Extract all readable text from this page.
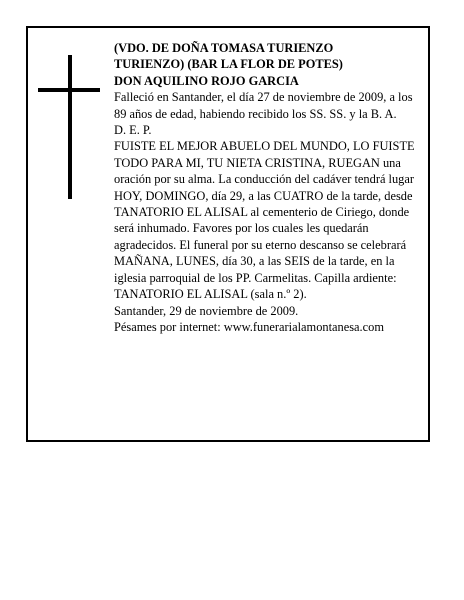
(VDO. DE DOÑA TOMASA TURIENZO

TURIENZO) (BAR LA FLOR DE POTES)

DON AQUILINO ROJO GARCIA

Falleció en Santander, el día 27 de noviembre de 2009, a los 89 años de edad, habiendo recibido los SS. SS. y la B. A.

D. E. P.

FUISTE EL MEJOR ABUELO DEL MUNDO, LO FUISTE TODO PARA MI, TU NIETA CRISTINA, RUEGAN una oración por su alma. La conducción del cadáver tendrá lugar HOY, DOMINGO, día 29, a las CUATRO de la tarde, desde TANATORIO EL ALISAL al cementerio de Ciriego, donde será inhumado. Favores por los cuales les quedarán agradecidos. El funeral por su eterno descanso se celebrará MAÑANA, LUNES, día 30, a las SEIS de la tarde, en la iglesia parroquial de los PP. Carmelitas. Capilla ardiente: TANATORIO EL ALISAL (sala n.º 2).

Santander, 29 de noviembre de 2009.

Pésames por internet: www.funerarialamontanesa.com
